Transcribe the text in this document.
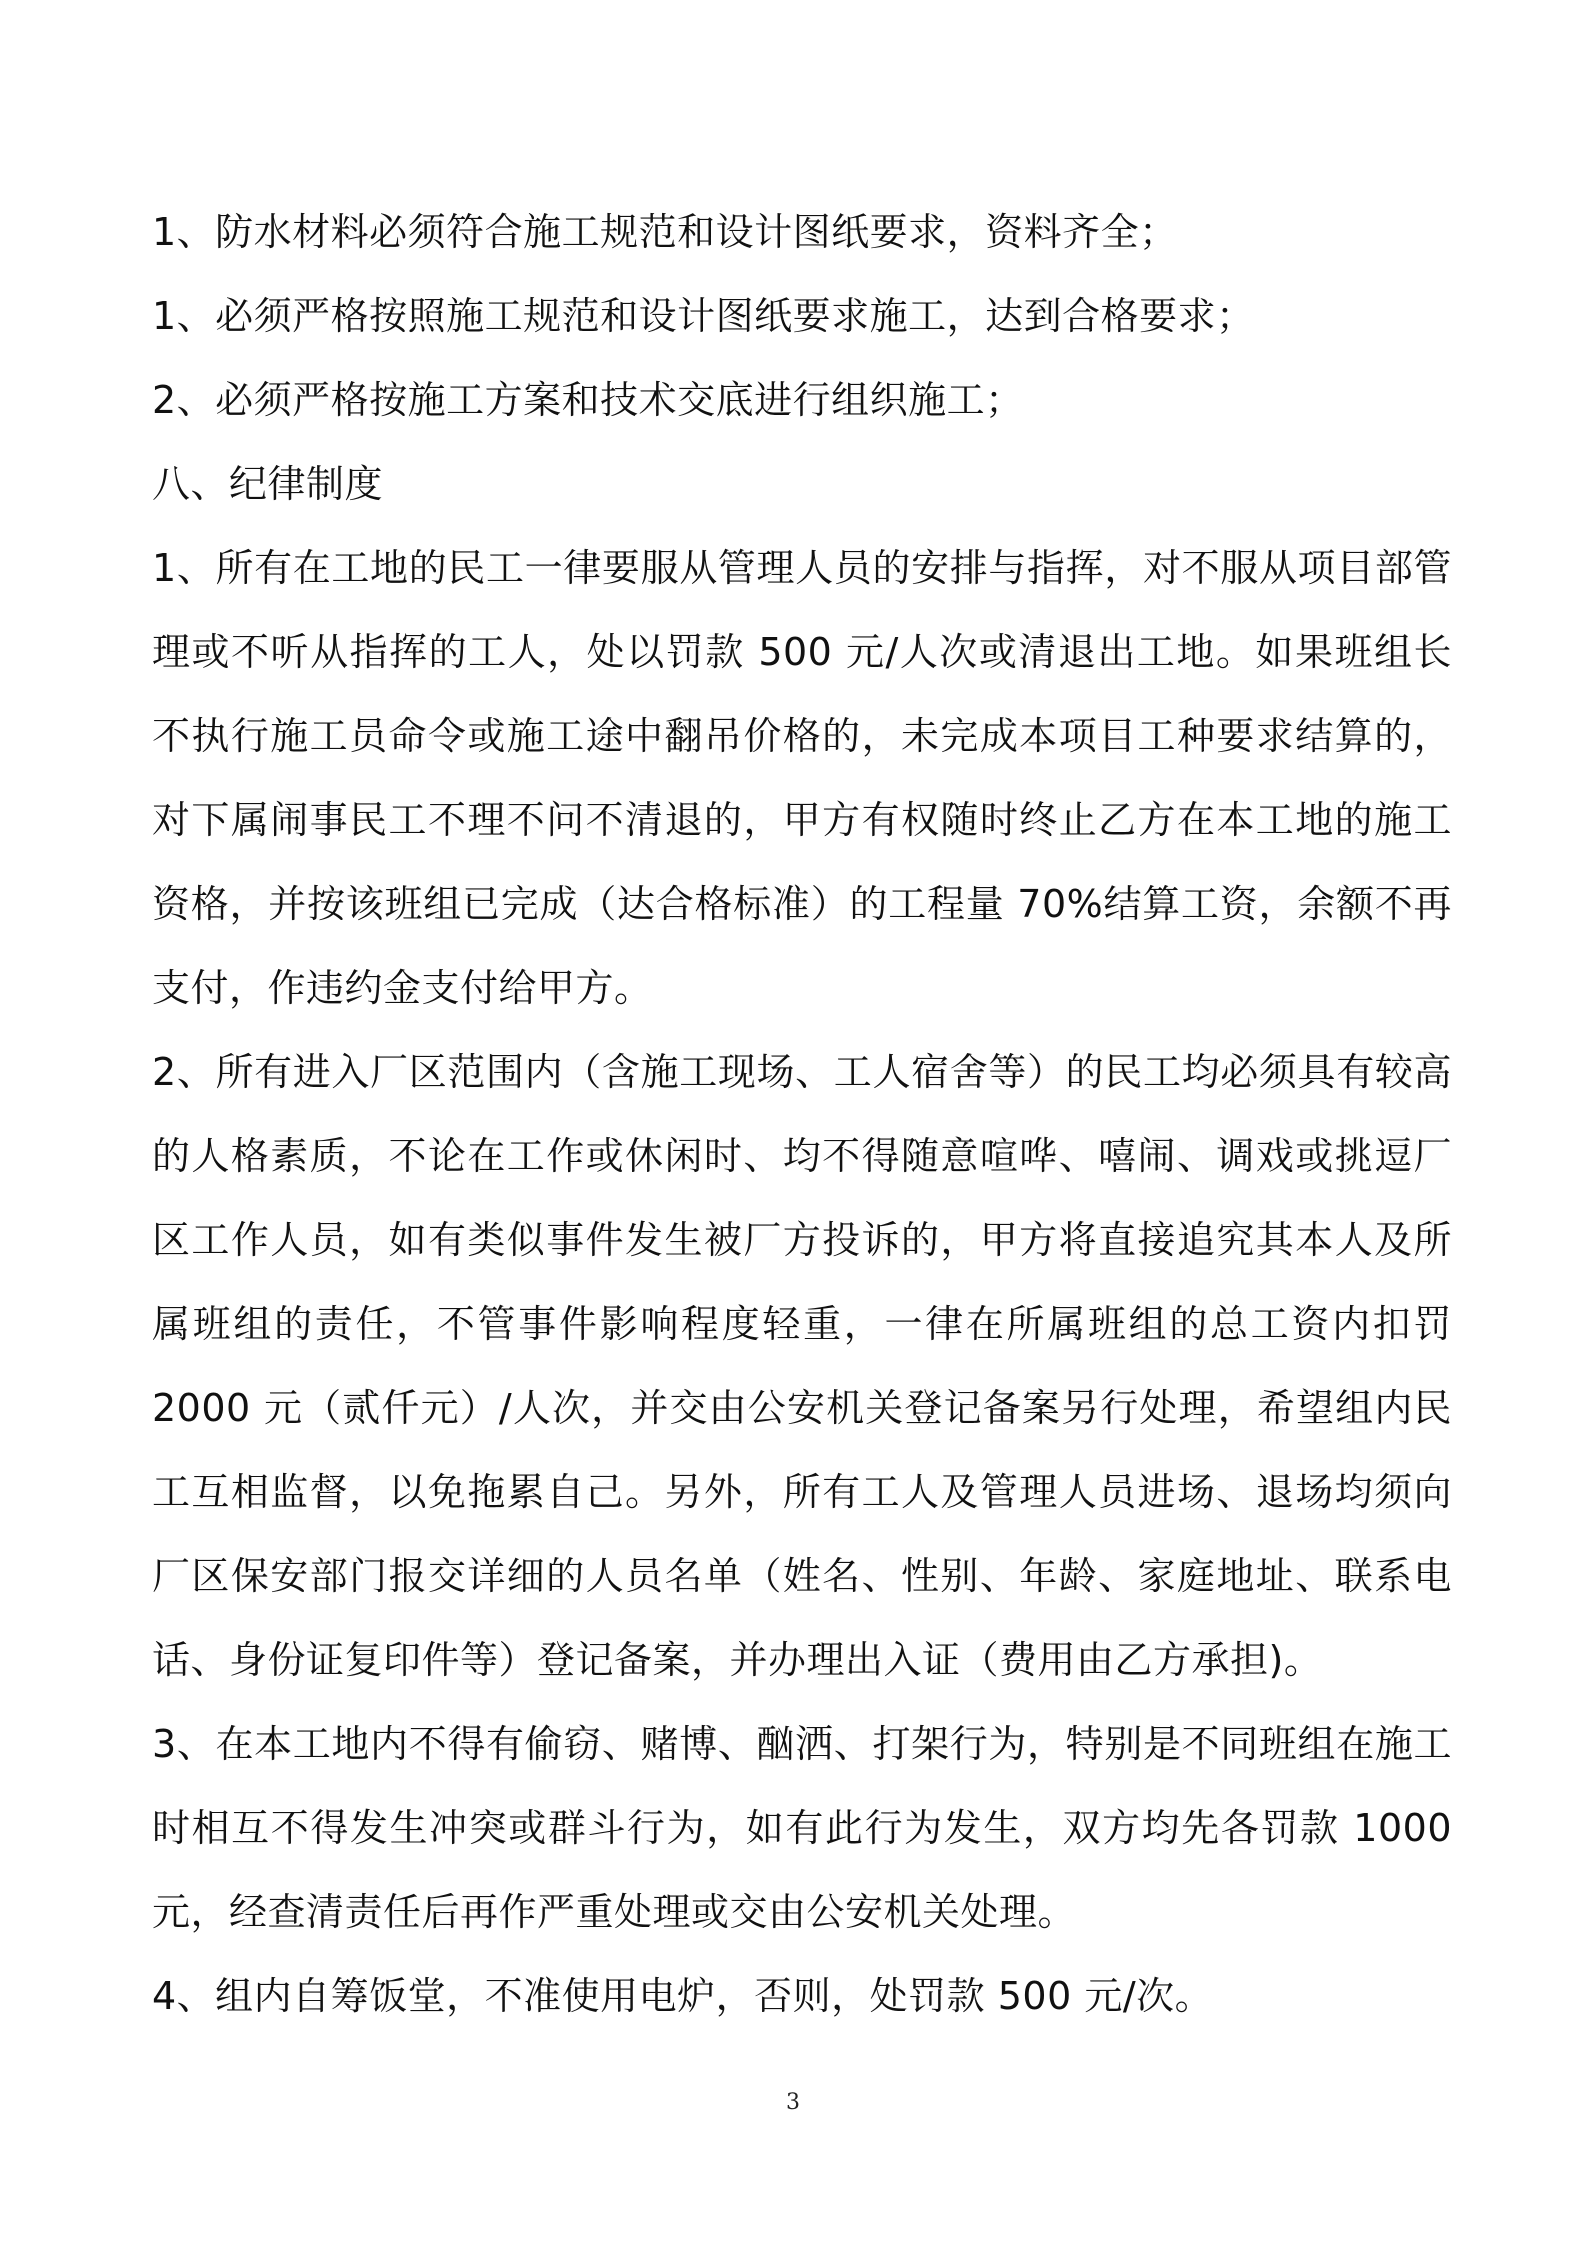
1、防水材料必须符合施工规范和设计图纸要求，资料齐全；

1、必须严格按照施工规范和设计图纸要求施工，达到合格要求；

2、必须严格按施工方案和技术交底进行组织施工；

八、纪律制度

1、所有在工地的民工一律要服从管理人员的安排与指挥，对不服从项目部管理或不听从指挥的工人，处以罚款 500 元/人次或清退出工地。如果班组长不执行施工员命令或施工途中翻吊价格的，未完成本项目工种要求结算的，对下属闹事民工不理不问不清退的，甲方有权随时终止乙方在本工地的施工资格，并按该班组已完成（达合格标准）的工程量 70%结算工资，余额不再支付，作违约金支付给甲方。

2、所有进入厂区范围内（含施工现场、工人宿舍等）的民工均必须具有较高的人格素质，不论在工作或休闲时、均不得随意喧哗、嘻闹、调戏或挑逗厂区工作人员，如有类似事件发生被厂方投诉的，甲方将直接追究其本人及所属班组的责任，不管事件影响程度轻重，一律在所属班组的总工资内扣罚 2000 元（贰仟元）/人次，并交由公安机关登记备案另行处理，希望组内民工互相监督，以免拖累自己。另外，所有工人及管理人员进场、退场均须向厂区保安部门报交详细的人员名单（姓名、性别、年龄、家庭地址、联系电话、身份证复印件等）登记备案，并办理出入证（费用由乙方承担)。

3、在本工地内不得有偷窃、赌博、酗洒、打架行为，特别是不同班组在施工时相互不得发生冲突或群斗行为，如有此行为发生，双方均先各罚款 1000 元，经查清责任后再作严重处理或交由公安机关处理。

4、组内自筹饭堂，不准使用电炉，否则，处罚款 500 元/次。

3
